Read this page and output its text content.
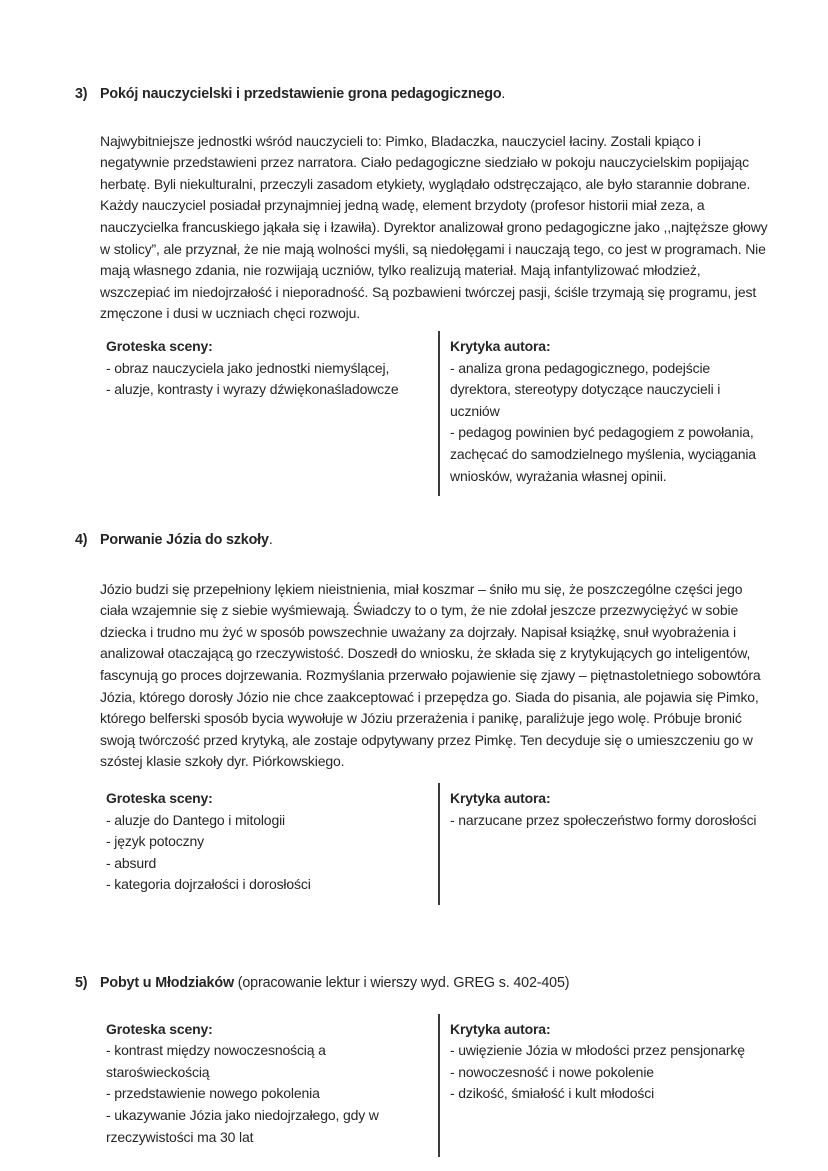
3) Pokój nauczycielski i przedstawienie grona pedagogicznego.
Najwybitniejsze jednostki wśród nauczycieli to: Pimko, Bladaczka, nauczyciel łaciny. Zostali kpiąco i negatywnie przedstawieni przez narratora. Ciało pedagogiczne siedziało w pokoju nauczycielskim popijając herbatę. Byli niekulturalni, przeczyli zasadom etykiety, wyglądało odstręczająco, ale było starannie dobrane. Każdy nauczyciel posiadał przynajmniej jedną wadę, element brzydoty (profesor historii miał zeza, a nauczycielka francuskiego jąkała się i łzawiła). Dyrektor analizował grono pedagogiczne jako ,,najtęższe głowy w stolicy”, ale przyznał, że nie mają wolności myśli, są niedołęgami i nauczają tego, co jest w programach. Nie mają własnego zdania, nie rozwijają uczniów, tylko realizują materiał. Mają infantylizować młodzież, wszczepiać im niedojrzałość i nieporadność. Są pozbawieni twórczej pasji, ściśle trzymają się programu, jest zmęczone i dusi w uczniach chęci rozwoju.
Groteska sceny:
- obraz nauczyciela jako jednostki niemyślącej,
- aluzje, kontrasty i wyrazy dźwiękonaśladowcze
Krytyka autora:
- analiza grona pedagogicznego, podejście dyrektora, stereotypy dotyczące nauczycieli i uczniów
- pedagog powinien być pedagogiem z powołania, zachęcać do samodzielnego myślenia, wyciągania wniosków, wyrażania własnej opinii.
4) Porwanie Józia do szkoły.
Józio budzi się przepełniony lękiem nieistnienia, miał koszmar – śniło mu się, że poszczególne części jego ciała wzajemnie się z siebie wyśmiewają. Świadczy to o tym, że nie zdołał jeszcze przezwyciężyć w sobie dziecka i trudno mu żyć w sposób powszechnie uważany za dojrzały. Napisał książkę, snuł wyobrażenia i analizował otaczającą go rzeczywistość. Doszedł do wniosku, że składa się z krytykujących go inteligentów, fascynują go proces dojrzewania. Rozmyślania przerwało pojawienie się zjawy – piętnastoletniego sobowtóra Józia, którego dorosły Józio nie chce zaakceptować i przepędza go. Siada do pisania, ale pojawia się Pimko, którego belferski sposób bycia wywołuje w Józiu przerażenia i panikę, paraliżuje jego wolę. Próbuje bronić swoją twórczość przed krytyką, ale zostaje odpytywany przez Pimkę. Ten decyduje się o umieszczeniu go w szóstej klasie szkoły dyr. Piórkowskiego.
Groteska sceny:
- aluzje do Dantego i mitologii
- język potoczny
- absurd
- kategoria dojrzałości i dorosłości
Krytyka autora:
- narzucane przez społeczeństwo formy dorosłości
5) Pobyt u Młodziaków (opracowanie lektur i wierszy wyd. GREG s. 402-405)
Groteska sceny:
- kontrast między nowoczesnością a staroświeckością
- przedstawienie nowego pokolenia
- ukazywanie Józia jako niedojrzałego, gdy w rzeczywistości ma 30 lat
Krytyka autora:
- uwięzienie Józia w młodości przez pensjonarkę
- nowoczesność i nowe pokolenie
- dzikość, śmiałość i kult młodości
